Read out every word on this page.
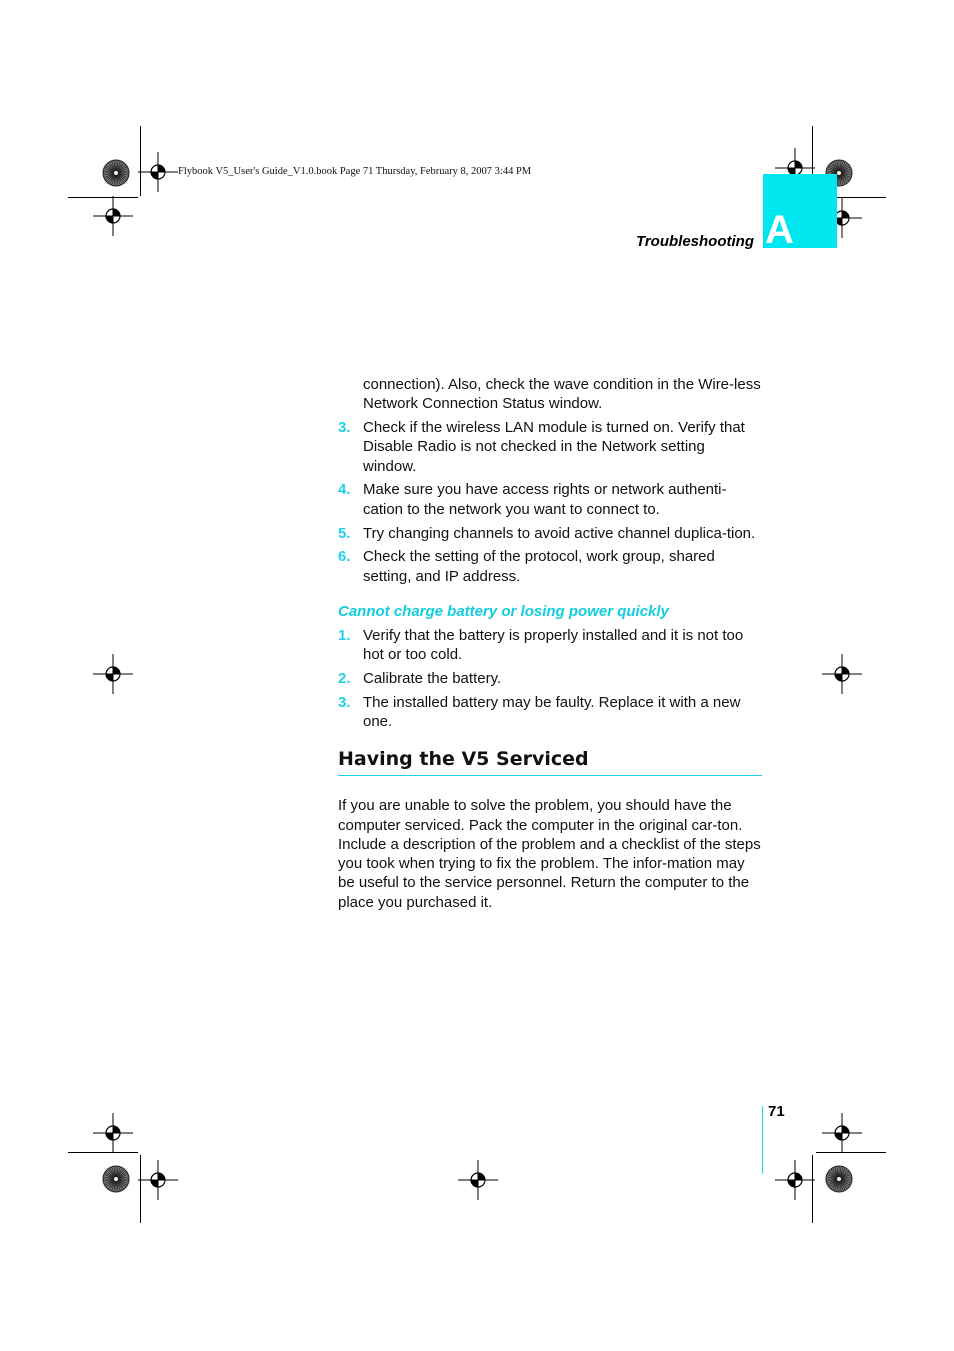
Flybook V5_User's Guide_V1.0.book Page 71 Thursday, February 8, 2007 3:44 PM
A
Troubleshooting

connection). Also, check the wave condition in the Wire-less Network Connection Status window.

3. Check if the wireless LAN module is turned on. Verify that Disable Radio is not checked in the Network setting window.
4. Make sure you have access rights or network authenti-cation to the network you want to connect to.
5. Try changing channels to avoid active channel duplica-tion.
6. Check the setting of the protocol, work group, shared setting, and IP address.
Cannot charge battery or losing power quickly
1. Verify that the battery is properly installed and it is not too hot or too cold.
2. Calibrate the battery.
3. The installed battery may be faulty. Replace it with a new one.
Having the V5 Serviced

If you are unable to solve the problem, you should have the computer serviced. Pack the computer in the original car-ton. Include a description of the problem and a checklist of the steps you took when trying to fix the problem. The infor-mation may be useful to the service personnel. Return the computer to the place you purchased it.

71
